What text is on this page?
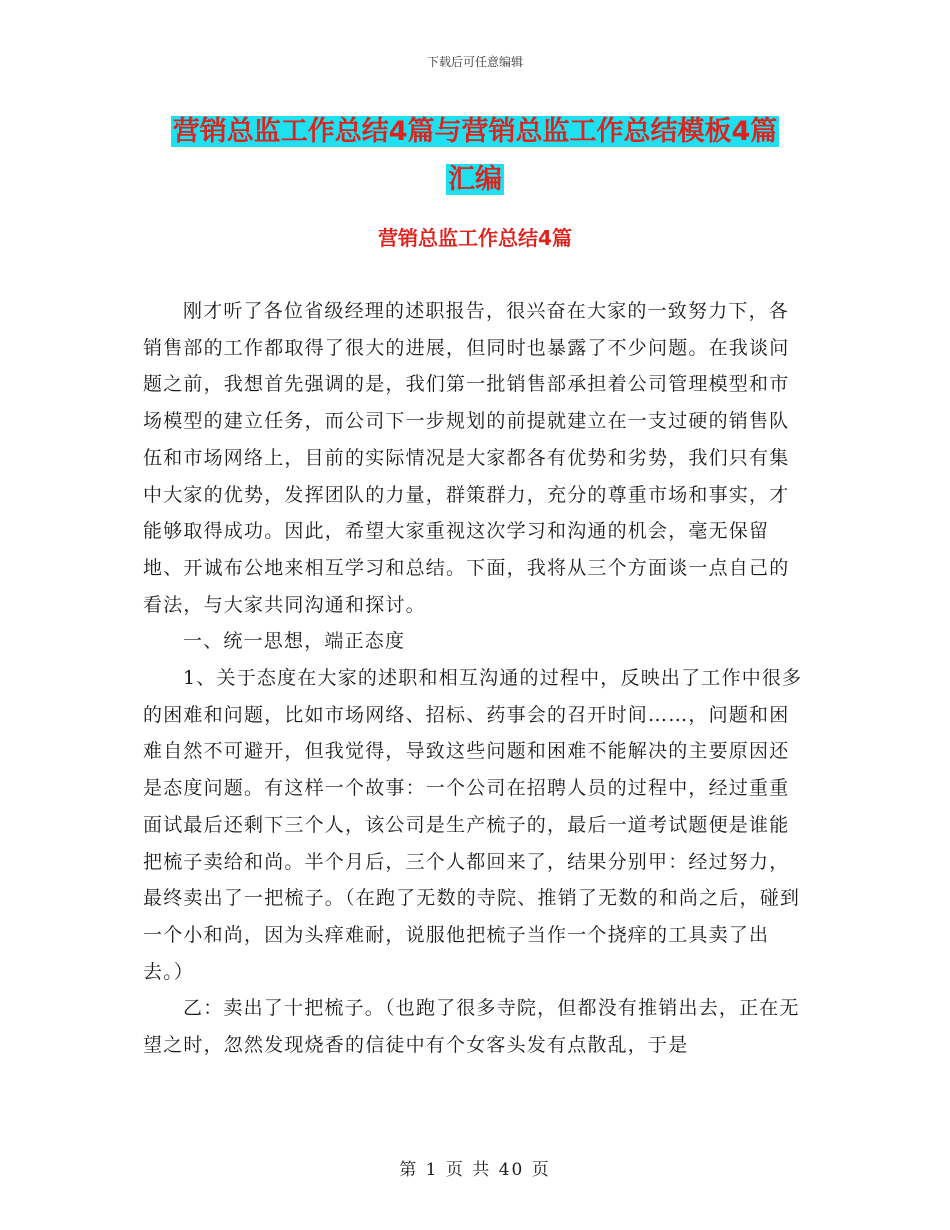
下载后可任意编辑
营销总监工作总结4篇与营销总监工作总结模板4篇
汇编
营销总监工作总结4篇

刚才听了各位省级经理的述职报告，很兴奋在大家的一致努力下，各销售部的工作都取得了很大的进展，但同时也暴露了不少问题。在我谈问题之前，我想首先强调的是，我们第一批销售部承担着公司管理模型和市场模型的建立任务，而公司下一步规划的前提就建立在一支过硬的销售队伍和市场网络上，目前的实际情况是大家都各有优势和劣势，我们只有集中大家的优势，发挥团队的力量，群策群力，充分的尊重市场和事实，才能够取得成功。因此，希望大家重视这次学习和沟通的机会，毫无保留地、开诚布公地来相互学习和总结。下面，我将从三个方面谈一点自己的看法，与大家共同沟通和探讨。

一、统一思想，端正态度

1、关于态度在大家的述职和相互沟通的过程中，反映出了工作中很多的困难和问题，比如市场网络、招标、药事会的召开时间……，问题和困难自然不可避开，但我觉得，导致这些问题和困难不能解决的主要原因还是态度问题。有这样一个故事：一个公司在招聘人员的过程中，经过重重面试最后还剩下三个人，该公司是生产梳子的，最后一道考试题便是谁能把梳子卖给和尚。半个月后，三个人都回来了，结果分别甲：经过努力，最终卖出了一把梳子。（在跑了无数的寺院、推销了无数的和尚之后，碰到一个小和尚，因为头痒难耐，说服他把梳子当作一个挠痒的工具卖了出去。）

乙：卖出了十把梳子。（也跑了很多寺院，但都没有推销出去，正在无望之时，忽然发现烧香的信徒中有个女客头发有点散乱，于是

第 1 页 共 40 页
